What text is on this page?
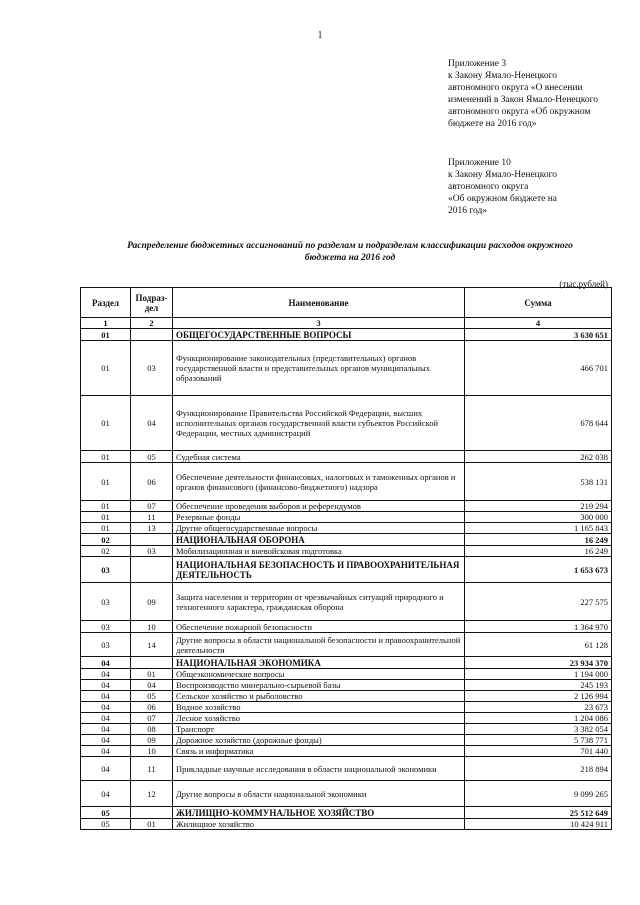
1
Приложение 3
к Закону Ямало-Ненецкого
автономного округа «О внесении
изменений в Закон Ямало-Ненецкого
автономного округа «Об окружном
бюджете на 2016 год»
Приложение 10
к Закону Ямало-Ненецкого
автономного округа
«Об окружном бюджете на
2016 год»
Распределение бюджетных ассигнований по разделам и подразделам классификации расходов окружного
бюджета на 2016 год
(тыс.рублей)
Раздел	Подраз-дел	Наименование	Сумма
1	2	3	4
01		ОБЩЕГОСУДАРСТВЕННЫЕ ВОПРОСЫ	3 630 651
01	03	Функционирование законодательных (представительных) органов государственной власти и представительных органов муниципальных образований	466 701
01	04	Функционирование Правительства Российской Федерации, высших исполнительных органов государственной власти субъектов Российской Федерации, местных администраций	678 644
01	05	Судебная система	262 038
01	06	Обеспечение деятельности финансовых, налоговых и таможенных органов и органов финансового (финансово-бюджетного) надзора	538 131
01	07	Обеспечение проведения выборов и референдумов	219 294
01	11	Резервные фонды	300 000
01	13	Другие общегосударственные вопросы	1 165 843
02		НАЦИОНАЛЬНАЯ ОБОРОНА	16 249
02	03	Мобилизационная и вневойсковая подготовка	16 249
03		НАЦИОНАЛЬНАЯ БЕЗОПАСНОСТЬ И ПРАВООХРАНИТЕЛЬНАЯ ДЕЯТЕЛЬНОСТЬ	1 653 673
03	09	Защита населения и территории от чрезвычайных ситуаций природного и техногенного характера, гражданская оборона	227 575
03	10	Обеспечение пожарной безопасности	1 364 970
03	14	Другие вопросы в области национальной безопасности и правоохранительной деятельности	61 128
04		НАЦИОНАЛЬНАЯ ЭКОНОМИКА	23 934 370
04	01	Общеэкономические вопросы	1 194 000
04	04	Воспроизводство минерально-сырьевой базы	245 193
04	05	Сельское хозяйство и рыболовство	2 126 994
04	06	Водное хозяйство	23 673
04	07	Лесное хозяйство	1 204 086
04	08	Транспорт	3 382 054
04	09	Дорожное хозяйство (дорожные фонды)	5 738 771
04	10	Связь и информатика	701 440
04	11	Прикладные научные исследования в области национальной экономики	218 894
04	12	Другие вопросы в области национальной экономики	9 099 265
05		ЖИЛИЩНО-КОММУНАЛЬНОЕ ХОЗЯЙСТВО	25 512 649
05	01	Жилищное хозяйство	10 424 911
